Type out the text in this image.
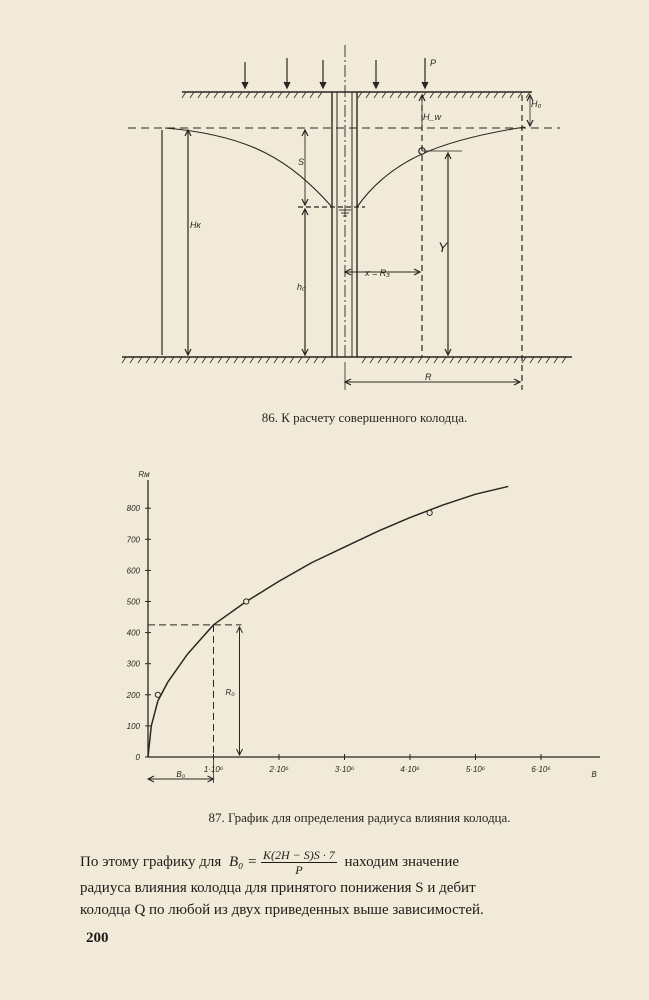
P
H₀
H_w
S
Hк
h₀
x = R₃
Y
R
86. К расчету совершенного колодца.
0
100
200
300
400
500
600
700
800
1·10⁶	2·10⁶	3·10⁶	4·10⁶	5·10⁶	6·10⁶
Rм
B
R₀
B₀
87. График для определения радиуса влияния колодца.
По этому графику для $B_0 = \frac{K(2H - S)S \cdot 7}{P}$ находим значение
радиуса влияния колодца для принятого понижения S и дебит
колодца Q по любой из двух приведенных выше зависимостей.
200
